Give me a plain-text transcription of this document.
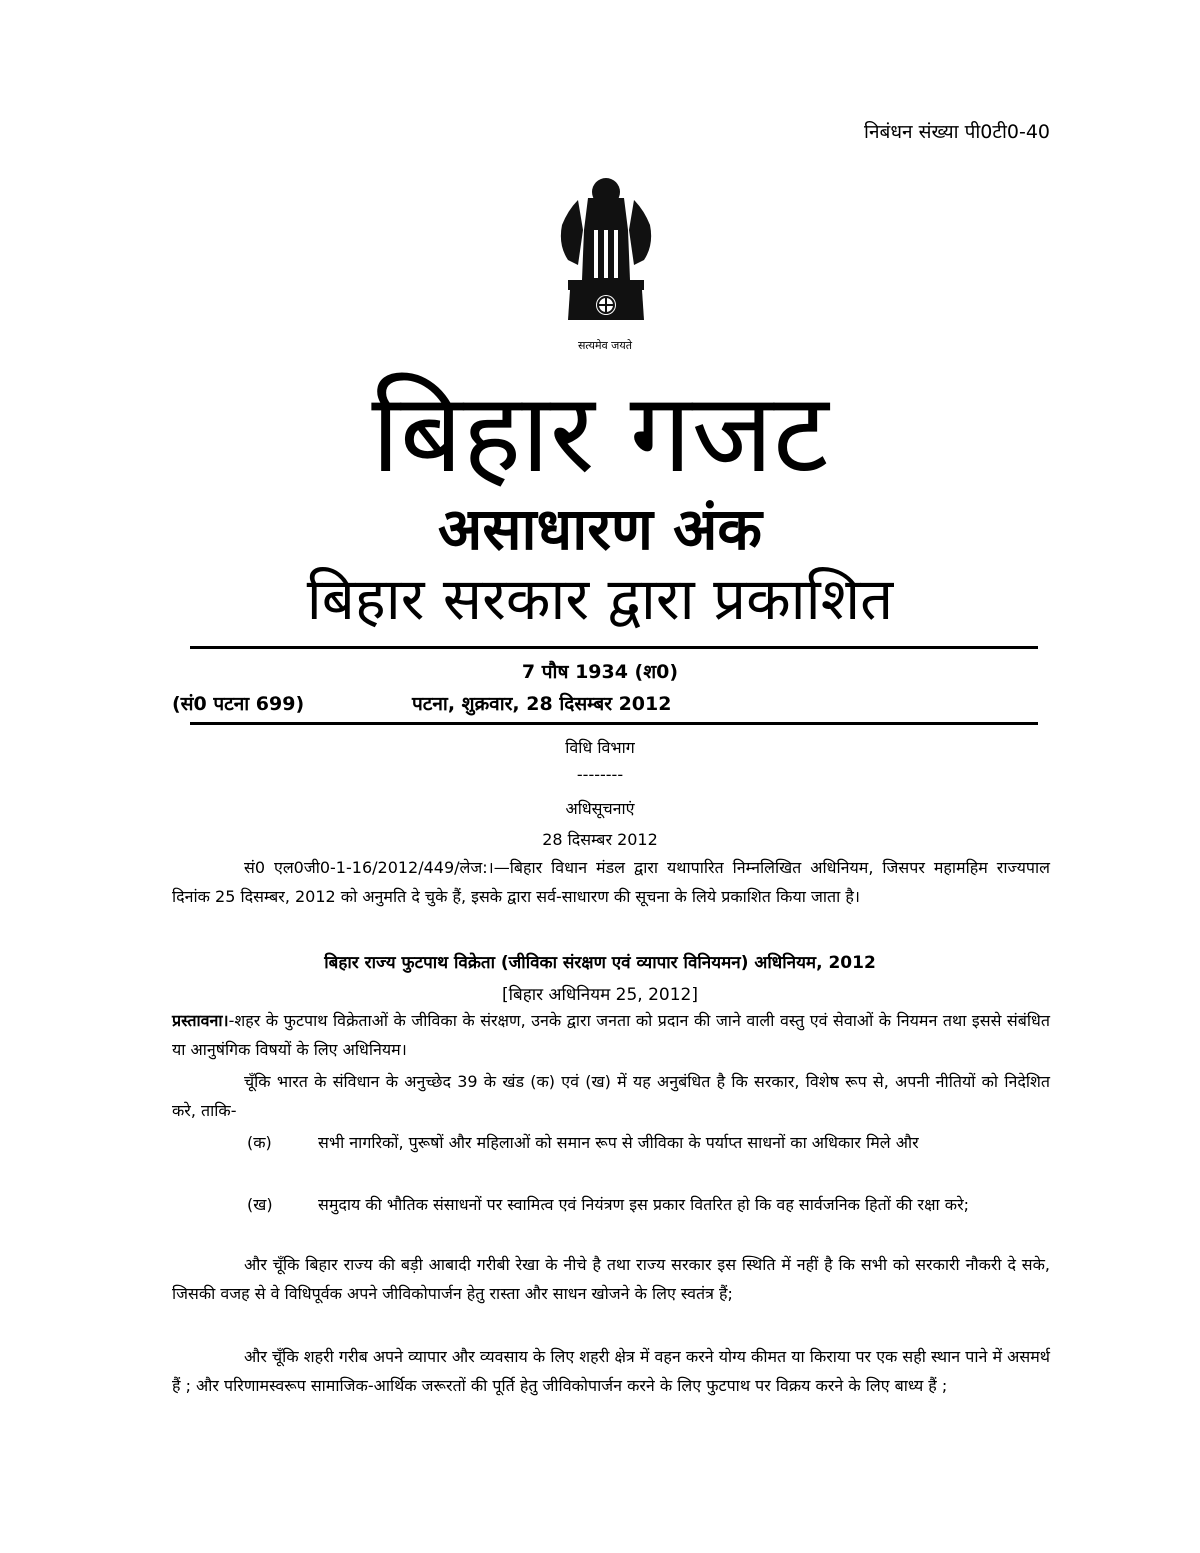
निबंधन संख्या पी0टी0-40
सत्यमेव जयते
बिहार गजट
असाधारण अंक
बिहार सरकार द्वारा प्रकाशित
7 पौष 1934 (श0)
(सं0 पटना 699)	पटना, शुक्रवार, 28 दिसम्बर 2012
विधि विभाग
--------
अधिसूचनाएं
28 दिसम्बर 2012
सं0 एल0जी0-1-16/2012/449/लेज:।—बिहार विधान मंडल द्वारा यथापारित निम्नलिखित अधिनियम, जिसपर महामहिम राज्यपाल दिनांक 25 दिसम्बर, 2012 को अनुमति दे चुके हैं, इसके द्वारा सर्व-साधारण की सूचना के लिये प्रकाशित किया जाता है।
बिहार राज्य फुटपाथ विक्रेता (जीविका संरक्षण एवं व्यापार विनियमन) अधिनियम, 2012
[बिहार अधिनियम 25, 2012]
प्रस्तावना।-शहर के फुटपाथ विक्रेताओं के जीविका के संरक्षण, उनके द्वारा जनता को प्रदान की जाने वाली वस्तु एवं सेवाओं के नियमन तथा इससे संबंधित या आनुषंगिक विषयों के लिए अधिनियम।
चूँकि भारत के संविधान के अनुच्छेद 39 के खंड (क) एवं (ख) में यह अनुबंधित है कि सरकार, विशेष रूप से, अपनी नीतियों को निदेशित करे, ताकि-
(क)	सभी नागरिकों, पुरूषों और महिलाओं को समान रूप से जीविका के पर्याप्त साधनों का अधिकार मिले और
(ख)	समुदाय की भौतिक संसाधनों पर स्वामित्व एवं नियंत्रण इस प्रकार वितरित हो कि वह सार्वजनिक हितों की रक्षा करे;
और चूँकि बिहार राज्य की बड़ी आबादी गरीबी रेखा के नीचे है तथा राज्य सरकार इस स्थिति में नहीं है कि सभी को सरकारी नौकरी दे सके, जिसकी वजह से वे विधिपूर्वक अपने जीविकोपार्जन हेतु रास्ता और साधन खोजने के लिए स्वतंत्र हैं;
और चूँकि शहरी गरीब अपने व्यापार और व्यवसाय के लिए शहरी क्षेत्र में वहन करने योग्य कीमत या किराया पर एक सही स्थान पाने में असमर्थ हैं ; और परिणामस्वरूप सामाजिक-आर्थिक जरूरतों की पूर्ति हेतु जीविकोपार्जन करने के लिए फुटपाथ पर विक्रय करने के लिए बाध्य हैं ;
